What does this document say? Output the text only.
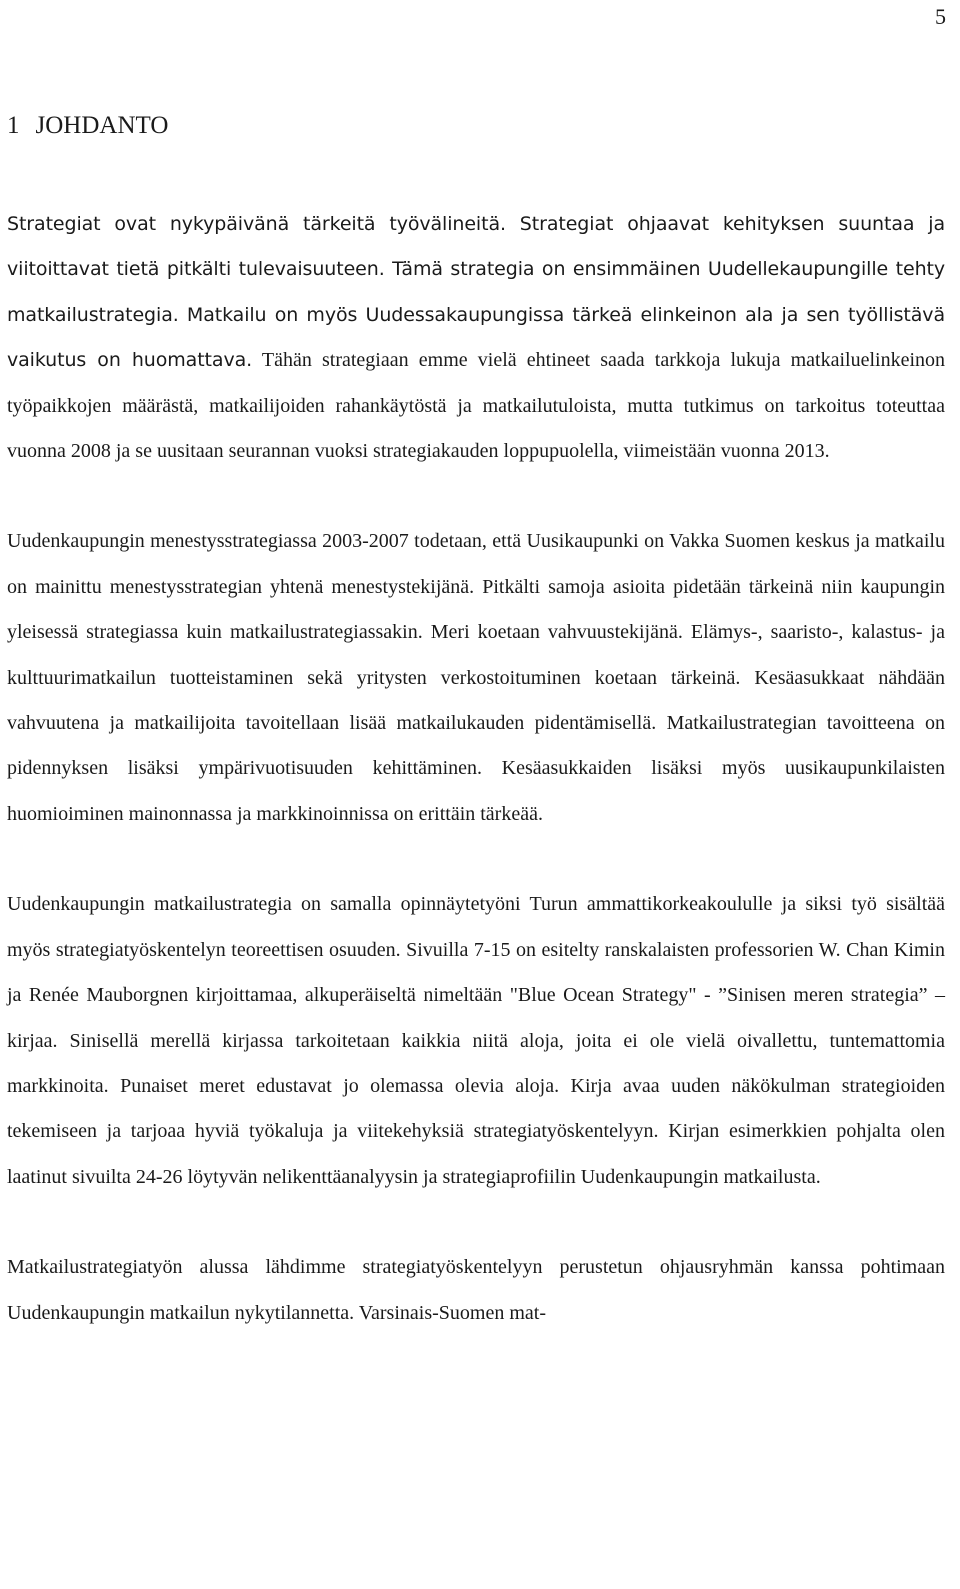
5
1 JOHDANTO

Strategiat ovat nykypäivänä tärkeitä työvälineitä. Strategiat ohjaavat kehityksen suuntaa ja viitoittavat tietä pitkälti tulevaisuuteen. Tämä strategia on ensimmäinen Uudellekaupungille tehty matkailustrategia. Matkailu on myös Uudessakaupungissa tärkeä elinkeinon ala ja sen työllistävä vaikutus on huomattava. Tähän strategiaan emme vielä ehtineet saada tarkkoja lukuja matkailuelinkeinon työpaikkojen määrästä, matkailijoiden rahankäytöstä ja matkailutuloista, mutta tutkimus on tarkoitus toteuttaa vuonna 2008 ja se uusitaan seurannan vuoksi strategiakauden loppupuolella, viimeistään vuonna 2013.

Uudenkaupungin menestysstrategiassa 2003-2007 todetaan, että Uusikaupunki on Vakka Suomen keskus ja matkailu on mainittu menestysstrategian yhtenä menestystekijänä. Pitkälti samoja asioita pidetään tärkeinä niin kaupungin yleisessä strategiassa kuin matkailustrategiassakin. Meri koetaan vahvuustekijänä. Elämys-, saaristo-, kalastus- ja kulttuurimatkailun tuotteistaminen sekä yritysten verkostoituminen koetaan tärkeinä. Kesäasukkaat nähdään vahvuutena ja matkailijoita tavoitellaan lisää matkailukauden pidentämisellä. Matkailustrategian tavoitteena on pidennyksen lisäksi ympärivuotisuuden kehittäminen. Kesäasukkaiden lisäksi myös uusikaupunkilaisten huomioiminen mainonnassa ja markkinoinnissa on erittäin tärkeää.

Uudenkaupungin matkailustrategia on samalla opinnäytetyöni Turun ammattikorkeakoululle ja siksi työ sisältää myös strategiatyöskentelyn teoreettisen osuuden. Sivuilla 7-15 on esitelty ranskalaisten professorien W. Chan Kimin ja Renée Mauborgnen kirjoittamaa, alkuperäiseltä nimeltään "Blue Ocean Strategy" - ”Sinisen meren strategia” – kirjaa. Sinisellä merellä kirjassa tarkoitetaan kaikkia niitä aloja, joita ei ole vielä oivallettu, tuntemattomia markkinoita. Punaiset meret edustavat jo olemassa olevia aloja. Kirja avaa uuden näkökulman strategioiden tekemiseen ja tarjoaa hyviä työkaluja ja viitekehyksiä strategiatyöskentelyyn. Kirjan esimerkkien pohjalta olen laatinut sivuilta 24-26 löytyvän nelikenttäanalyysin ja strategiaprofiilin Uudenkaupungin matkailusta.

Matkailustrategiatyön alussa lähdimme strategiatyöskentelyyn perustetun ohjausryhmän kanssa pohtimaan Uudenkaupungin matkailun nykytilannetta. Varsinais-Suomen mat-
